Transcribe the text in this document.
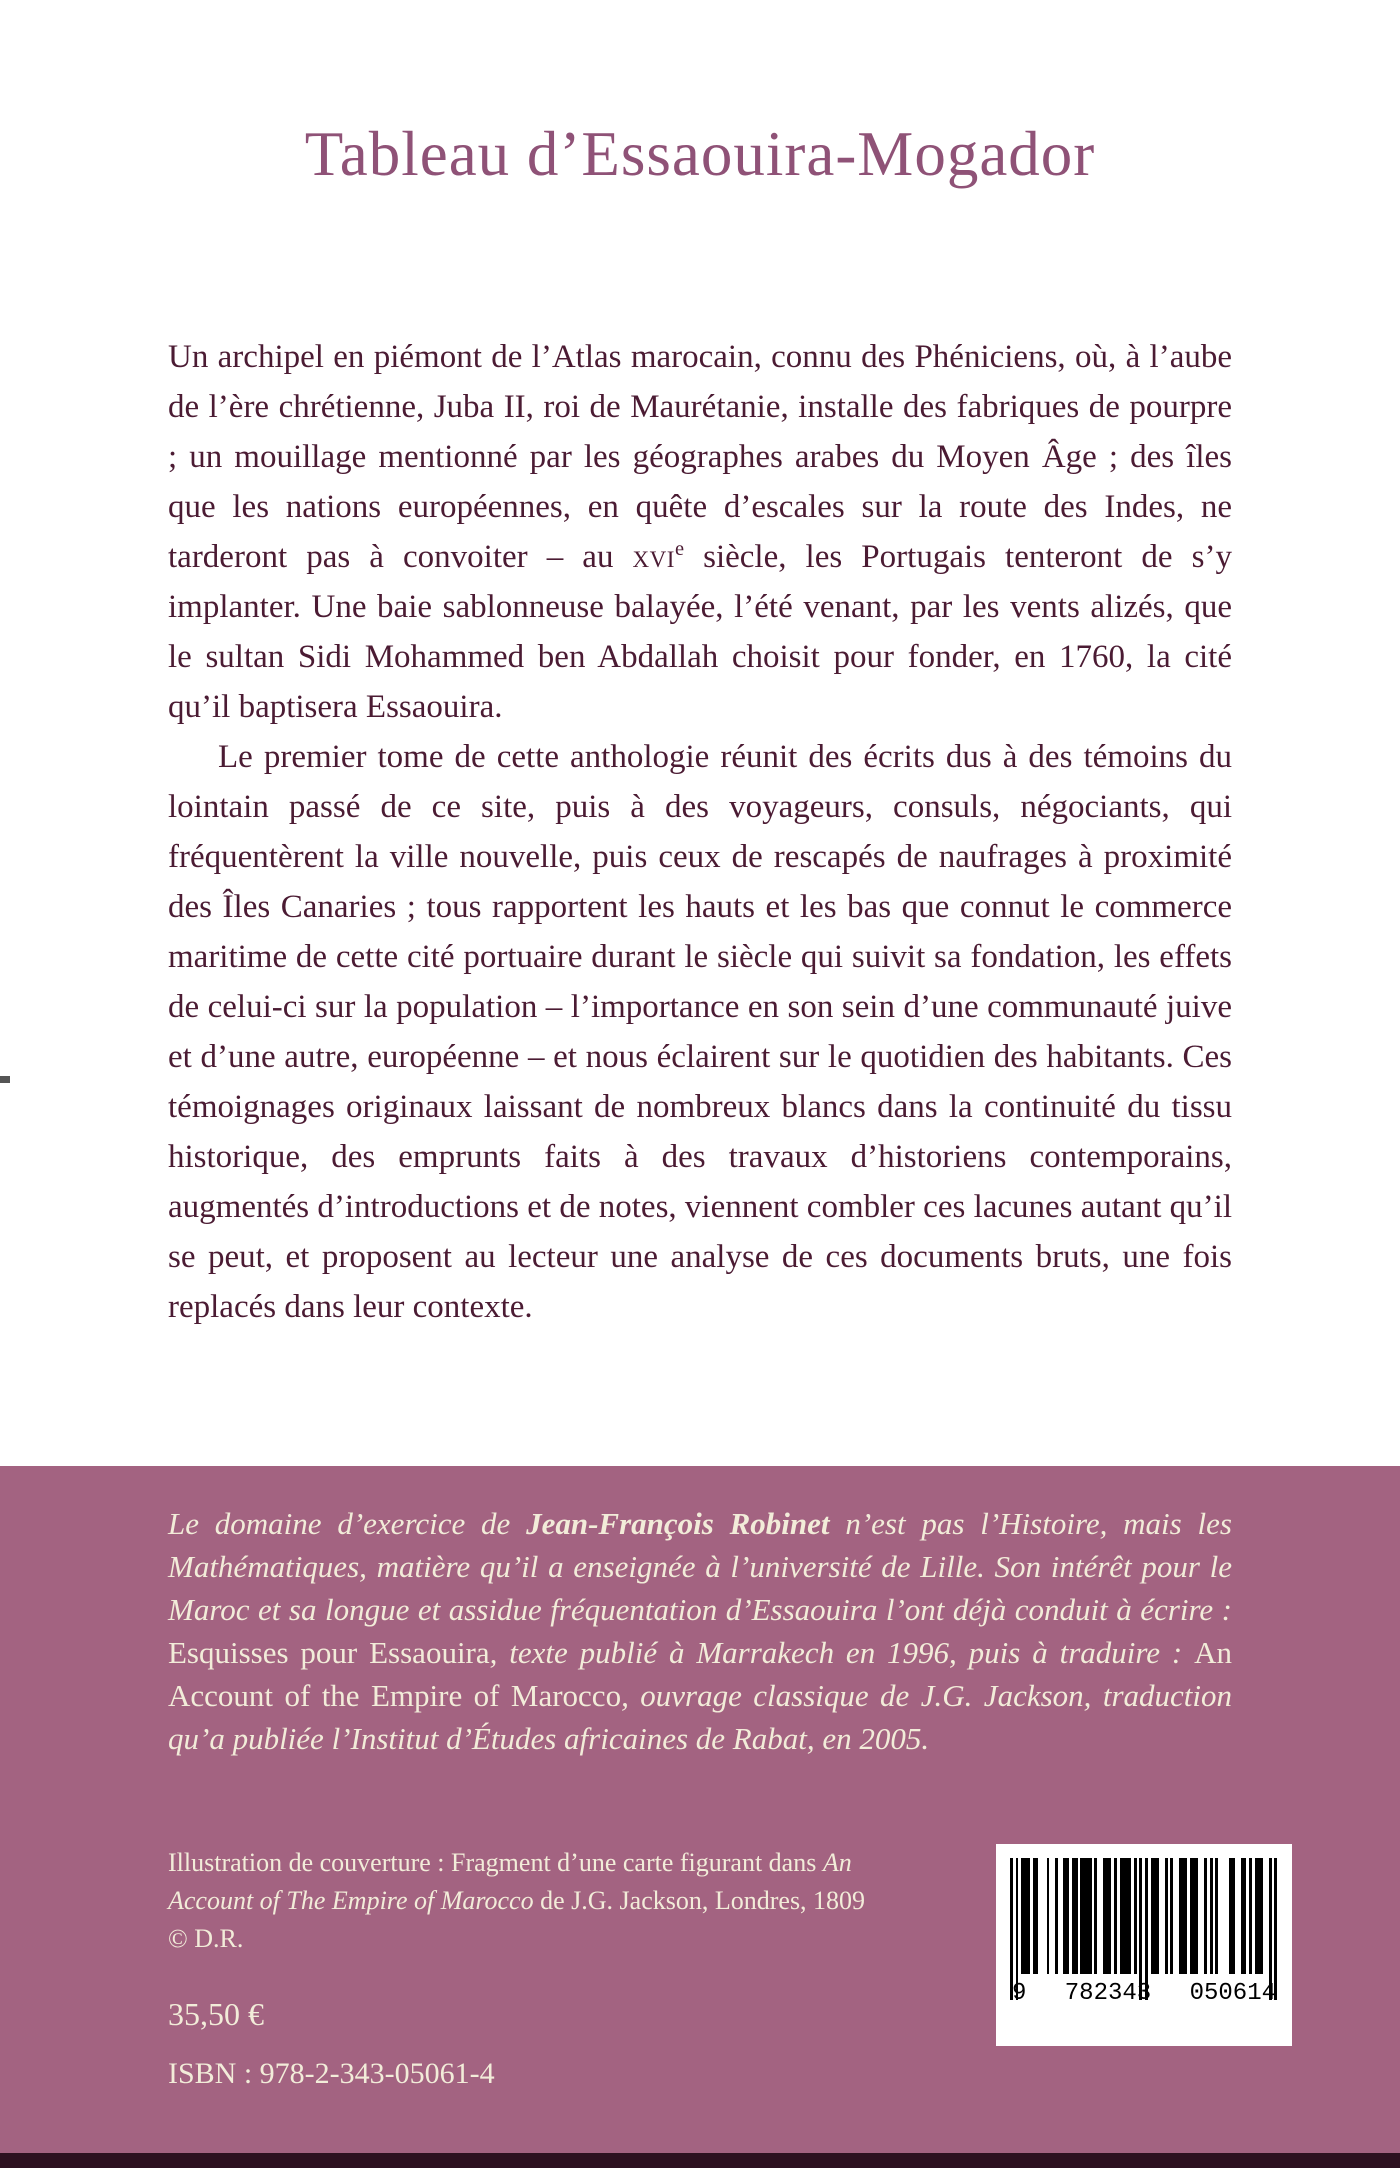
Tableau d’Essaouira-Mogador

Un archipel en piémont de l’Atlas marocain, connu des Phéniciens, où, à l’aube de l’ère chrétienne, Juba II, roi de Maurétanie, installe des fabriques de pourpre ; un mouillage mentionné par les géographes arabes du Moyen Âge ; des îles que les nations européennes, en quête d’escales sur la route des Indes, ne tarderont pas à convoiter – au xvi$^e$ siècle, les Portugais tenteront de s’y implanter. Une baie sablonneuse balayée, l’été venant, par les vents alizés, que le sultan Sidi Mohammed ben Abdallah choisit pour fonder, en 1760, la cité qu’il baptisera Essaouira.

Le premier tome de cette anthologie réunit des écrits dus à des témoins du lointain passé de ce site, puis à des voyageurs, consuls, négociants, qui fréquentèrent la ville nouvelle, puis ceux de rescapés de naufrages à proximité des Îles Canaries ; tous rapportent les hauts et les bas que connut le commerce maritime de cette cité portuaire durant le siècle qui suivit sa fondation, les effets de celui-ci sur la population – l’importance en son sein d’une communauté juive et d’une autre, européenne – et nous éclairent sur le quotidien des habitants. Ces témoignages originaux laissant de nombreux blancs dans la continuité du tissu historique, des emprunts faits à des travaux d’historiens contemporains, augmentés d’introductions et de notes, viennent combler ces lacunes autant qu’il se peut, et proposent au lecteur une analyse de ces documents bruts, une fois replacés dans leur contexte.

Le domaine d’exercice de Jean-François Robinet n’est pas l’Histoire, mais les Mathématiques, matière qu’il a enseignée à l’université de Lille. Son intérêt pour le Maroc et sa longue et assidue fréquentation d’Essaouira l’ont déjà conduit à écrire : Esquisses pour Essaouira, texte publié à Marrakech en 1996, puis à traduire : An Account of the Empire of Marocco, ouvrage classique de J.G. Jackson, traduction qu’a publiée l’Institut d’Études africaines de Rabat, en 2005.

Illustration de couverture : Fragment d’une carte figurant dans An Account of The Empire of Marocco de J.G. Jackson, Londres, 1809 © D.R.

35,50 €

ISBN : 978-2-343-05061-4

9 782343 050614
